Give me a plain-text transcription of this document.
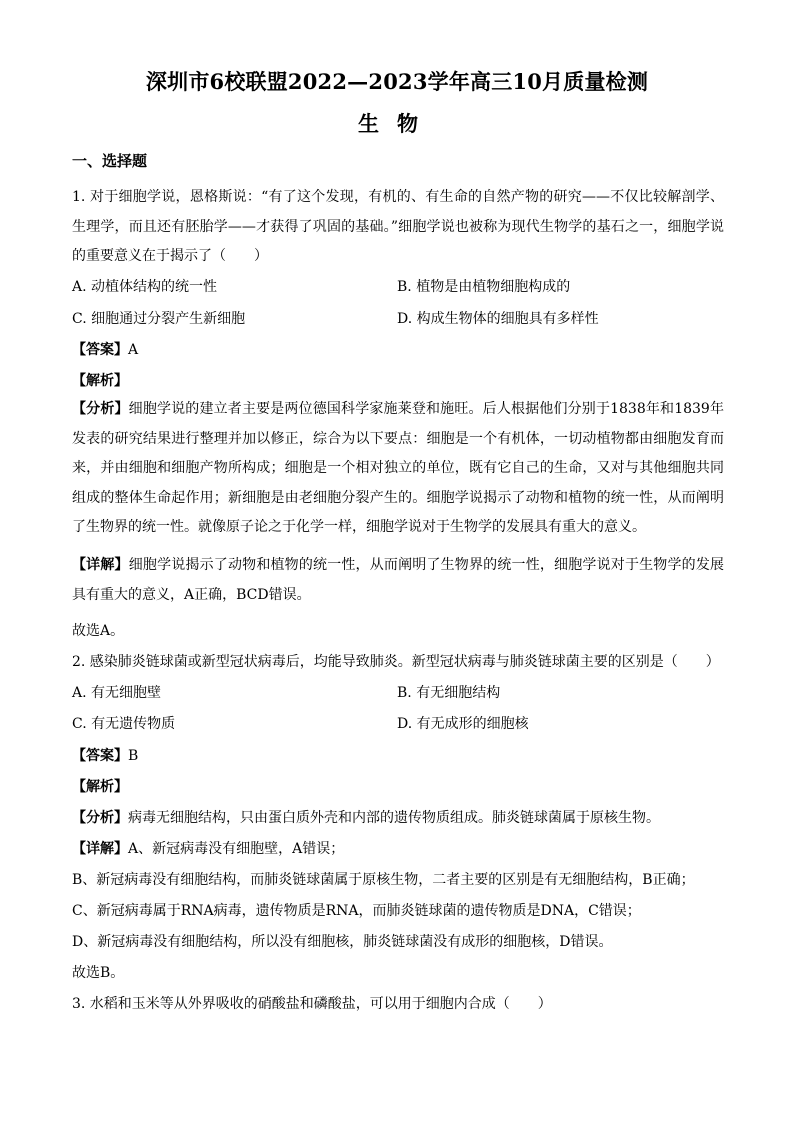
深圳市6校联盟2022—2023学年高三10月质量检测
生物
一、选择题
1. 对于细胞学说，恩格斯说：“有了这个发现，有机的、有生命的自然产物的研究——不仅比较解剖学、生理学，而且还有胚胎学——才获得了巩固的基础。”细胞学说也被称为现代生物学的基石之一，细胞学说的重要意义在于揭示了（　　）
A. 动植体结构的统一性	B. 植物是由植物细胞构成的
C. 细胞通过分裂产生新细胞	D. 构成生物体的细胞具有多样性
【答案】A
【解析】
【分析】细胞学说的建立者主要是两位德国科学家施莱登和施旺。后人根据他们分别于1838年和1839年发表的研究结果进行整理并加以修正，综合为以下要点：细胞是一个有机体，一切动植物都由细胞发育而来，并由细胞和细胞产物所构成；细胞是一个相对独立的单位，既有它自己的生命，又对与其他细胞共同组成的整体生命起作用；新细胞是由老细胞分裂产生的。细胞学说揭示了动物和植物的统一性，从而阐明了生物界的统一性。就像原子论之于化学一样，细胞学说对于生物学的发展具有重大的意义。
【详解】细胞学说揭示了动物和植物的统一性，从而阐明了生物界的统一性，细胞学说对于生物学的发展具有重大的意义，A正确，BCD错误。
故选A。
2. 感染肺炎链球菌或新型冠状病毒后，均能导致肺炎。新型冠状病毒与肺炎链球菌主要的区别是（　　）
A. 有无细胞壁	B. 有无细胞结构
C. 有无遗传物质	D. 有无成形的细胞核
【答案】B
【解析】
【分析】病毒无细胞结构，只由蛋白质外壳和内部的遗传物质组成。肺炎链球菌属于原核生物。
【详解】A、新冠病毒没有细胞壁，A错误；
B、新冠病毒没有细胞结构，而肺炎链球菌属于原核生物，二者主要的区别是有无细胞结构，B正确；
C、新冠病毒属于RNA病毒，遗传物质是RNA，而肺炎链球菌的遗传物质是DNA，C错误；
D、新冠病毒没有细胞结构，所以没有细胞核，肺炎链球菌没有成形的细胞核，D错误。
故选B。
3. 水稻和玉米等从外界吸收的硝酸盐和磷酸盐，可以用于细胞内合成（　　）
